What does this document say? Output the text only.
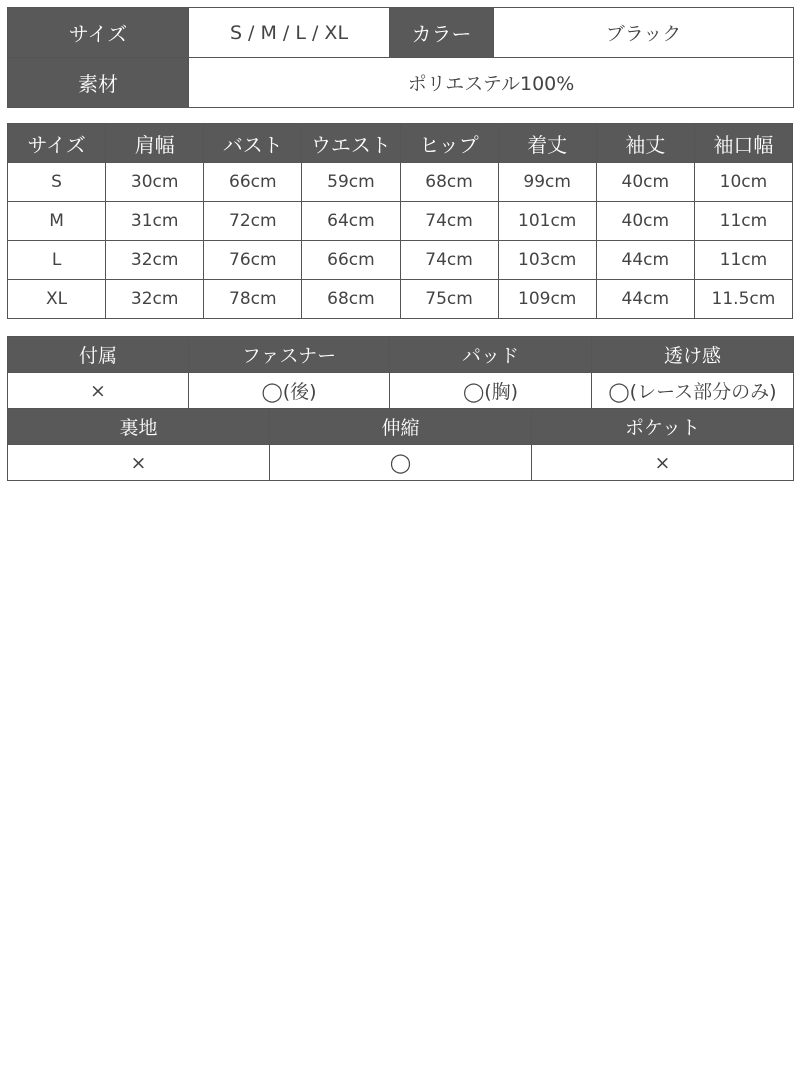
サイズ	S / M / L / XL	カラー	ブラック
素材	ポリエステル100%		
サイズ	肩幅	バスト	ウエスト	ヒップ	着丈	袖丈	袖口幅
S	30cm	66cm	59cm	68cm	99cm	40cm	10cm
M	31cm	72cm	64cm	74cm	101cm	40cm	11cm
L	32cm	76cm	66cm	74cm	103cm	44cm	11cm
XL	32cm	78cm	68cm	75cm	109cm	44cm	11.5cm
付属	ファスナー	パッド	透け感
×	◯(後)	◯(胸)	◯(レース部分のみ)
裏地	伸縮	ポケット
×	◯	×
